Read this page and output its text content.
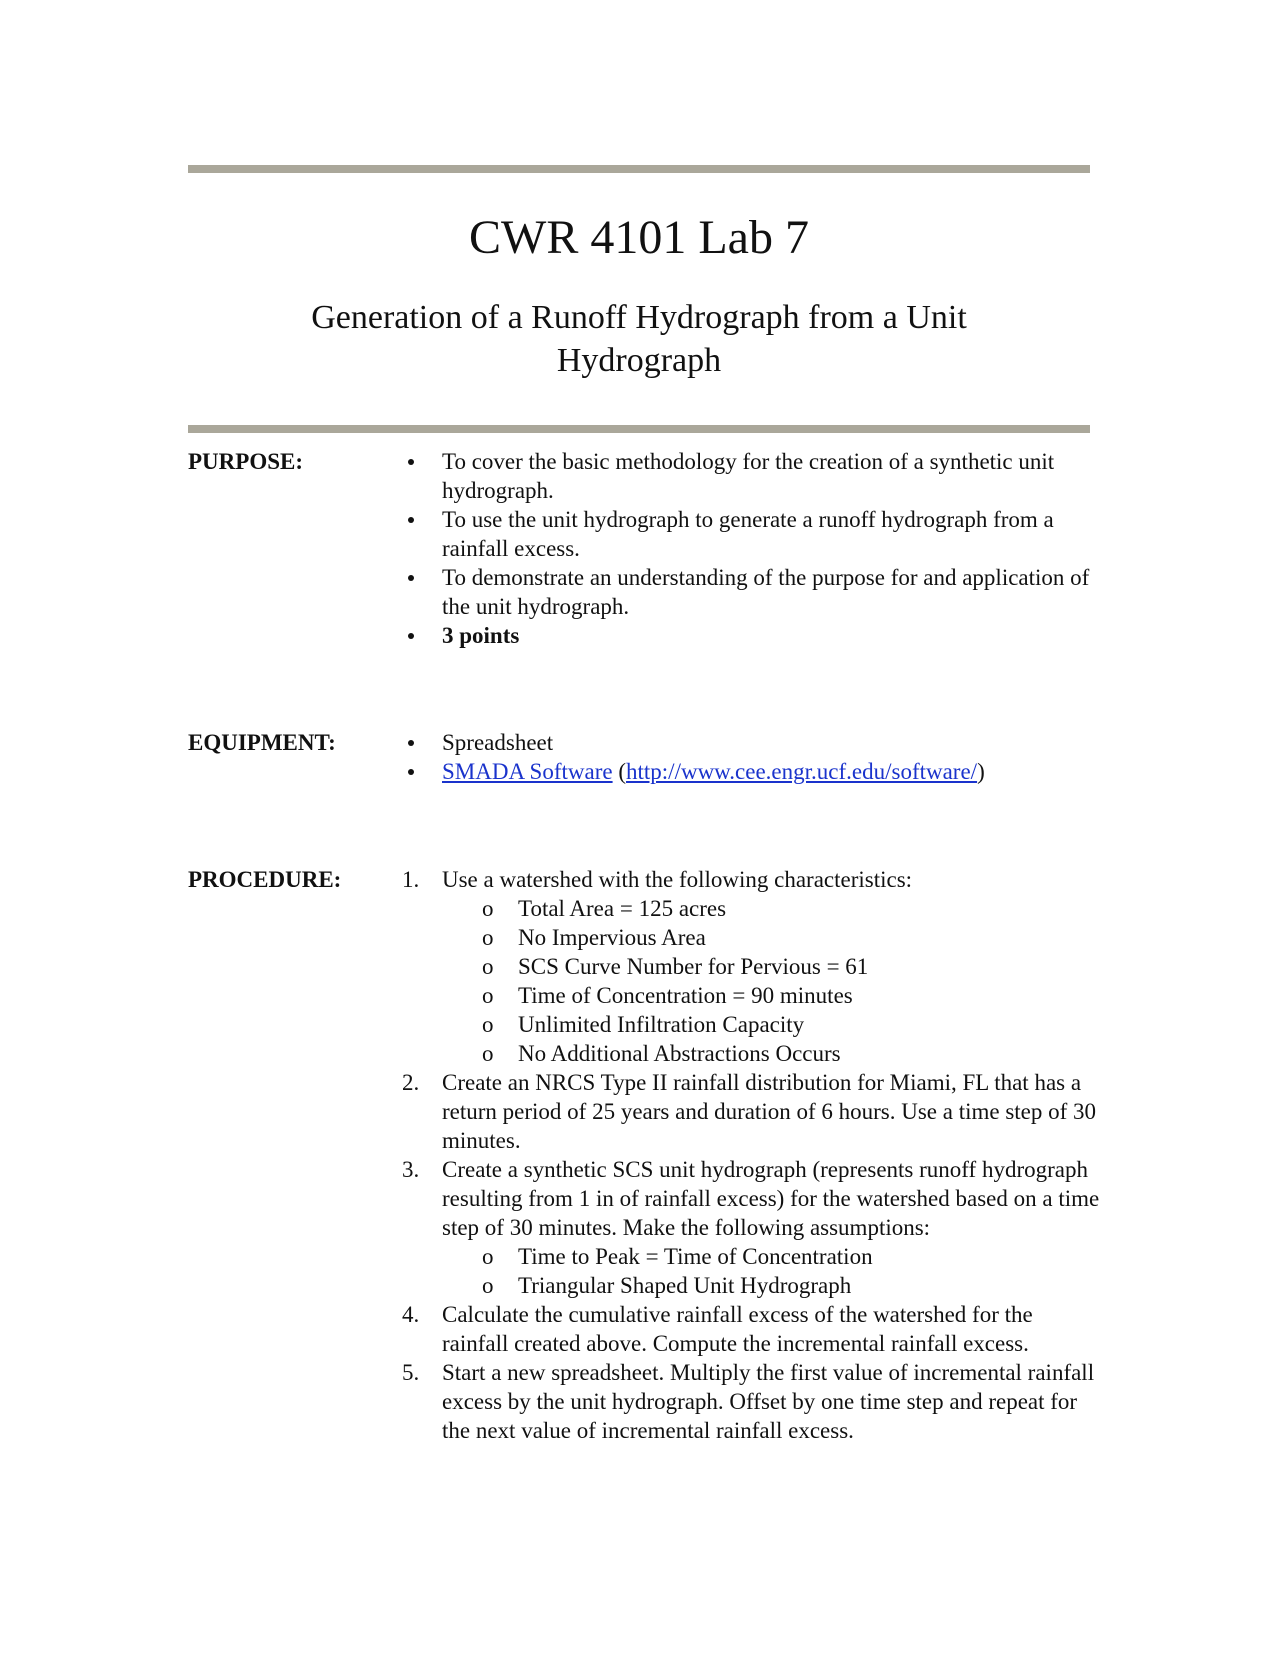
CWR 4101 Lab 7
Generation of a Runoff Hydrograph from a Unit
Hydrograph
PURPOSE:	To cover the basic methodology for the creation of a synthetic unit hydrograph.
To use the unit hydrograph to generate a runoff hydrograph from a rainfall excess.
To demonstrate an understanding of the purpose for and application of the unit hydrograph.
3 points
EQUIPMENT:	Spreadsheet
SMADA Software (http://www.cee.engr.ucf.edu/software/)
PROCEDURE:	1. Use a watershed with the following characteristics:
o Total Area = 125 acres
o No Impervious Area
o SCS Curve Number for Pervious = 61
o Time of Concentration = 90 minutes
o Unlimited Infiltration Capacity
o No Additional Abstractions Occurs
2. Create an NRCS Type II rainfall distribution for Miami, FL that has a return period of 25 years and duration of 6 hours. Use a time step of 30 minutes.
3. Create a synthetic SCS unit hydrograph (represents runoff hydrograph resulting from 1 in of rainfall excess) for the watershed based on a time step of 30 minutes. Make the following assumptions:
o Time to Peak = Time of Concentration
o Triangular Shaped Unit Hydrograph
4. Calculate the cumulative rainfall excess of the watershed for the rainfall created above. Compute the incremental rainfall excess.
5. Start a new spreadsheet. Multiply the first value of incremental rainfall excess by the unit hydrograph. Offset by one time step and repeat for the next value of incremental rainfall excess.
